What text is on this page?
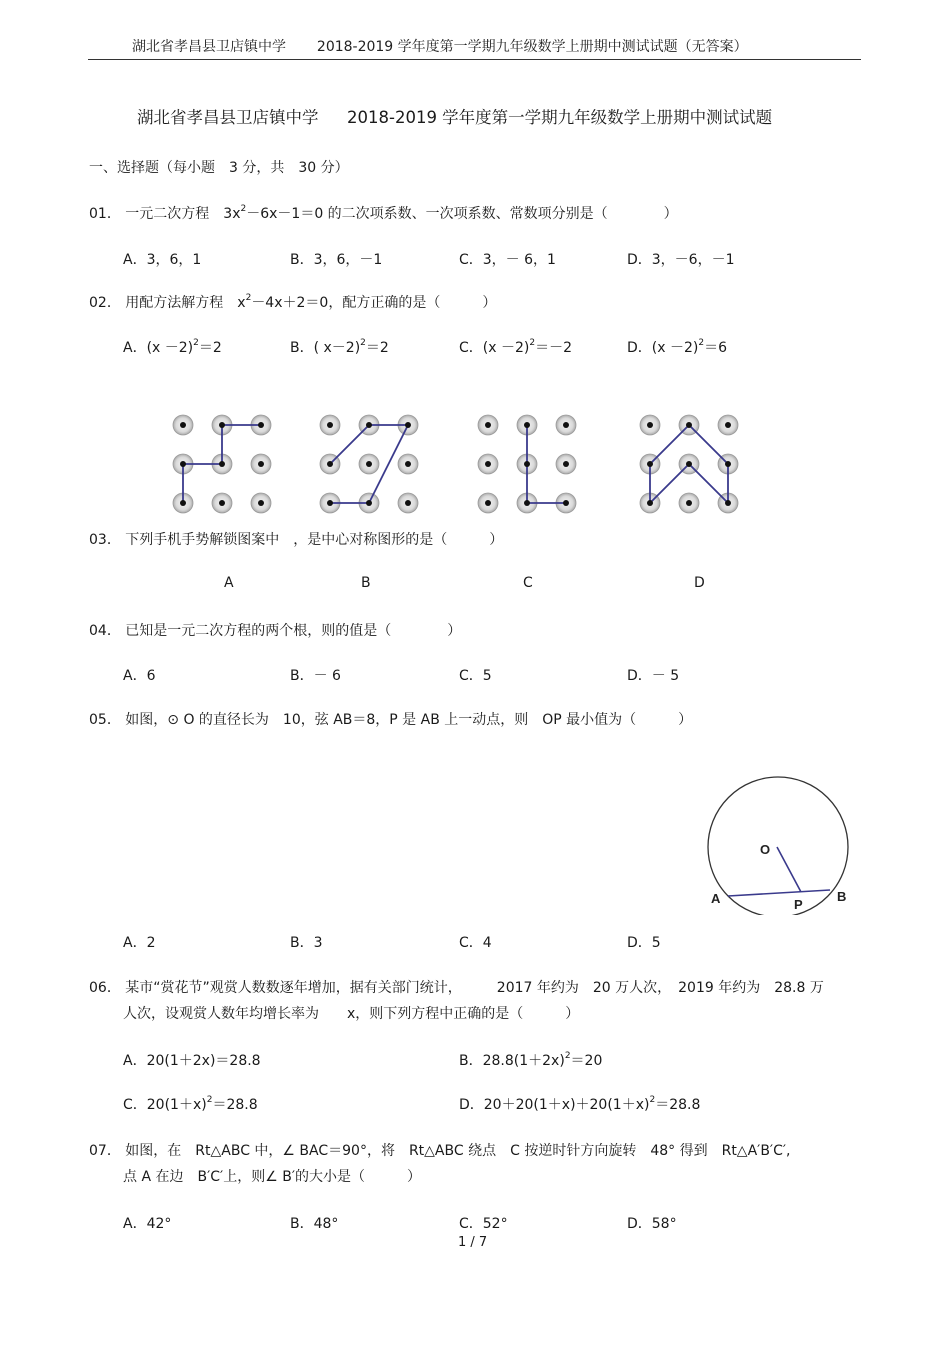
湖北省孝昌县卫店镇中学 2018-2019 学年度第一学期九年级数学上册期中测试试题（无答案）
湖北省孝昌县卫店镇中学 2018-2019 学年度第一学期九年级数学上册期中测试试题
一、选择题（每小题　3 分，共　30 分）
01． 一元二次方程　$3x^2-6x-1=0$ 的二次项系数、一次项系数、常数项分别是（　　　　）
A．3，6，1	B．3，6，－1	C．3，－ 6，1	D．3，－6，－1
02． 用配方法解方程　$x^2-4x+2=0$，配方正确的是（　　　）
A．$(x -2)^2=2$	B．( x－2)$^2$＝2	C．$(x -2)^2=-2$	D．$(x -2)^2=6$
03． 下列手机手势解锁图案中　，是中心对称图形的是（　　　）
A	B	C	D
04． 已知是一元二次方程的两个根，则的值是（　　　　）
A．6	B．－ 6	C．5	D．－ 5
05． 如图，⊙ O 的直径长为　10，弦 AB＝8，P 是 AB 上一动点，则　OP 最小值为（　　　）
O
A	B
P
A．2	B．3	C．4	D．5
06． 某市“赏花节”观赏人数数逐年增加，据有关部门统计，　　　2017 年约为　20 万人次，　2019 年约为　28.8 万
人次，设观赏人数年均增长率为　　x，则下列方程中正确的是（　　　）
A．20(1＋2x)＝28.8	B．$28.8(1+2x)^2=20$
C．$20(1+x)^2=28.8$	D．$20+20(1+x)+20(1+x)^2=28.8$
07． 如图，在　Rt△ABC 中，∠ BAC＝90°，将　Rt△ABC 绕点　C 按逆时针方向旋转　48° 得到　Rt△A′B′C′,
点 A 在边　B′C′上，则∠ B′的大小是（　　　）
A．42°	B．48°	C．52°	D．58°
1 / 7
